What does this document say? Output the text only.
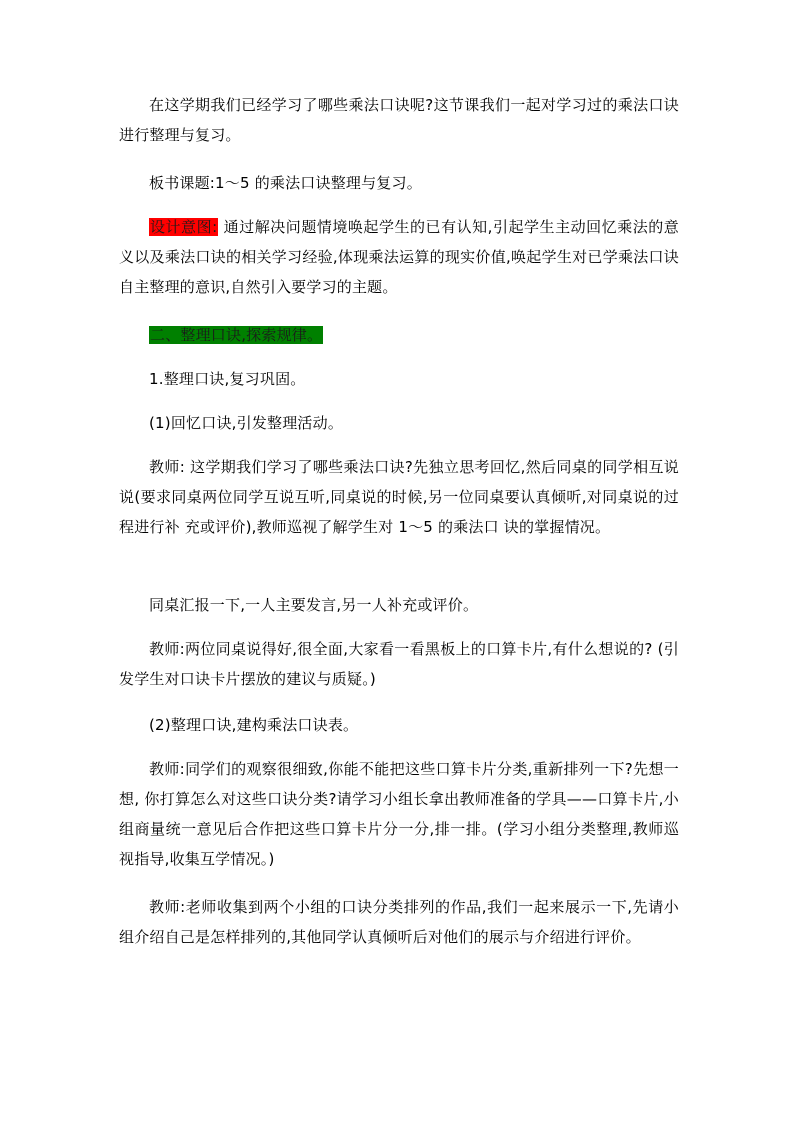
在这学期我们已经学习了哪些乘法口诀呢?这节课我们一起对学习过的乘法口诀进行整理与复习。

板书课题:1～5 的乘法口诀整理与复习。

设计意图: 通过解决问题情境唤起学生的已有认知,引起学生主动回忆乘法的意义以及乘法口诀的相关学习经验,体现乘法运算的现实价值,唤起学生对已学乘法口诀自主整理的意识,自然引入要学习的主题。

二、整理口诀,探索规律。

1.整理口诀,复习巩固。

(1)回忆口诀,引发整理活动。

教师: 这学期我们学习了哪些乘法口诀?先独立思考回忆,然后同桌的同学相互说说(要求同桌两位同学互说互听,同桌说的时候,另一位同桌要认真倾听,对同桌说的过程进行补 充或评价),教师巡视了解学生对 1～5 的乘法口 诀的掌握情况。

同桌汇报一下,一人主要发言,另一人补充或评价。

教师:两位同桌说得好,很全面,大家看一看黑板上的口算卡片,有什么想说的? (引发学生对口诀卡片摆放的建议与质疑。)

(2)整理口诀,建构乘法口诀表。

教师:同学们的观察很细致,你能不能把这些口算卡片分类,重新排列一下?先想一想, 你打算怎么对这些口诀分类?请学习小组长拿出教师准备的学具——口算卡片,小组商量统一意见后合作把这些口算卡片分一分,排一排。(学习小组分类整理,教师巡视指导,收集互学情况。)

教师:老师收集到两个小组的口诀分类排列的作品,我们一起来展示一下,先请小组介绍自己是怎样排列的,其他同学认真倾听后对他们的展示与介绍进行评价。
